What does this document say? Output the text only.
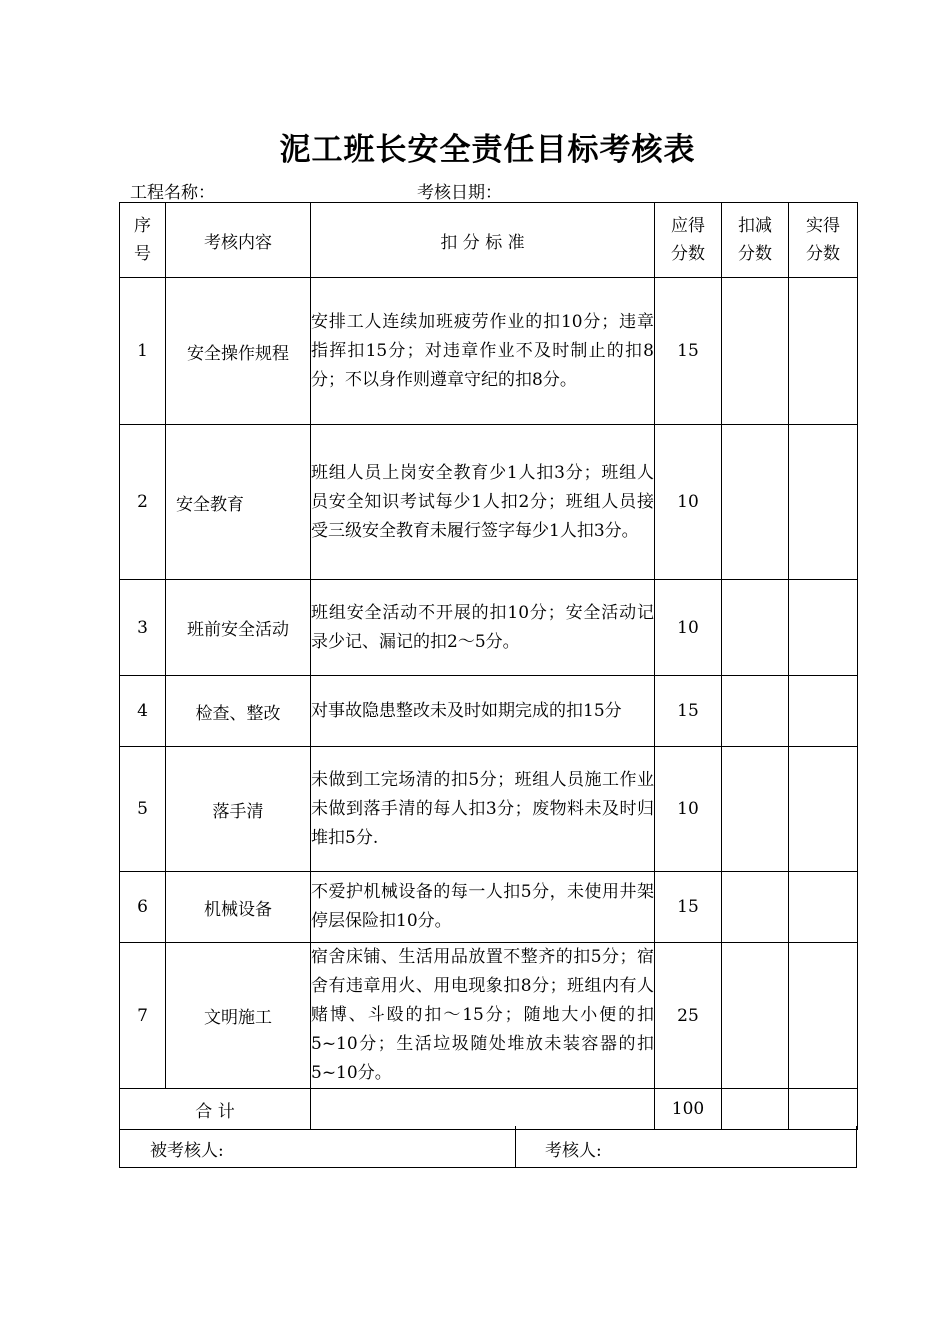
泥工班长安全责任目标考核表
工程名称：	考核日期：
序号	考核内容	扣 分 标 准	应得分数	扣减分数	实得分数

1	安全操作规程	安排工人连续加班疲劳作业的扣10分；违章指挥扣15分；对违章作业不及时制止的扣8分；不以身作则遵章守纪的扣8分。	15		
2	安全教育	班组人员上岗安全教育少1人扣3分；班组人员安全知识考试每少1人扣2分；班组人员接受三级安全教育未履行签字每少1人扣3分。	10		
3	班前安全活动	班组安全活动不开展的扣10分；安全活动记录少记、漏记的扣2～5分。	10		
4	检查、整改	对事故隐患整改未及时如期完成的扣15分	15		
5	落手清	未做到工完场清的扣5分；班组人员施工作业未做到落手清的每人扣3分；废物料未及时归堆扣5分.	10		
6	机械设备	不爱护机械设备的每一人扣5分，未使用井架停层保险扣10分。	15		
7	文明施工	宿舍床铺、生活用品放置不整齐的扣5分；宿舍有违章用火、用电现象扣8分；班组内有人赌博、斗殴的扣～15分；随地大小便的扣5~10分；生活垃圾随处堆放未装容器的扣5~10分。	25		
合 计			100		
被考核人:	考核人:
